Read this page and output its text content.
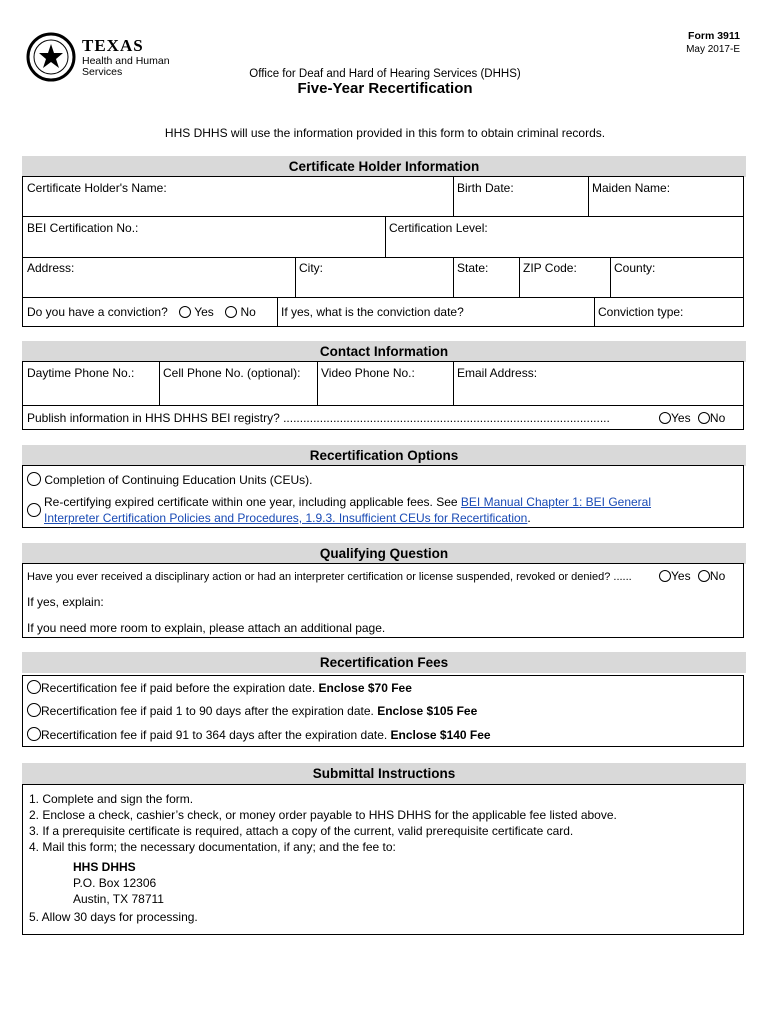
TEXAS
Health and Human
Services
Form 3911
May 2017-E
Office for Deaf and Hard of Hearing Services (DHHS)
Five-Year Recertification
HHS DHHS will use the information provided in this form to obtain criminal records.
Certificate Holder Information
Certificate Holder's Name:	Birth Date:	Maiden Name:
BEI Certification No.:	Certification Level:
Address:	City:	State:	ZIP Code:	County:
Do you have a conviction? Yes No If yes, what is the conviction date?	Conviction type:
Contact Information
Daytime Phone No.: Cell Phone No. (optional): Video Phone No.:	Email Address:
Publish information in HHS DHHS BEI registry? ..................................................................................................	Yes No
Recertification Options
Completion of Continuing Education Units (CEUs).
Re-certifying expired certificate within one year, including applicable fees. See BEI Manual Chapter 1: BEI General
Interpreter Certification Policies and Procedures, 1.9.3. Insufficient CEUs for Recertification.
Qualifying Question
Have you ever received a disciplinary action or had an interpreter certification or license suspended, revoked or denied? ......	Yes No
If yes, explain:
If you need more room to explain, please attach an additional page.
Recertification Fees
Recertification fee if paid before the expiration date. Enclose $70 Fee
Recertification fee if paid 1 to 90 days after the expiration date. Enclose $105 Fee
Recertification fee if paid 91 to 364 days after the expiration date. Enclose $140 Fee
Submittal Instructions
1. Complete and sign the form.
2. Enclose a check, cashier’s check, or money order payable to HHS DHHS for the applicable fee listed above.
3. If a prerequisite certificate is required, attach a copy of the current, valid prerequisite certificate card.
4. Mail this form; the necessary documentation, if any; and the fee to:
HHS DHHS
P.O. Box 12306
Austin, TX 78711
5. Allow 30 days for processing.
